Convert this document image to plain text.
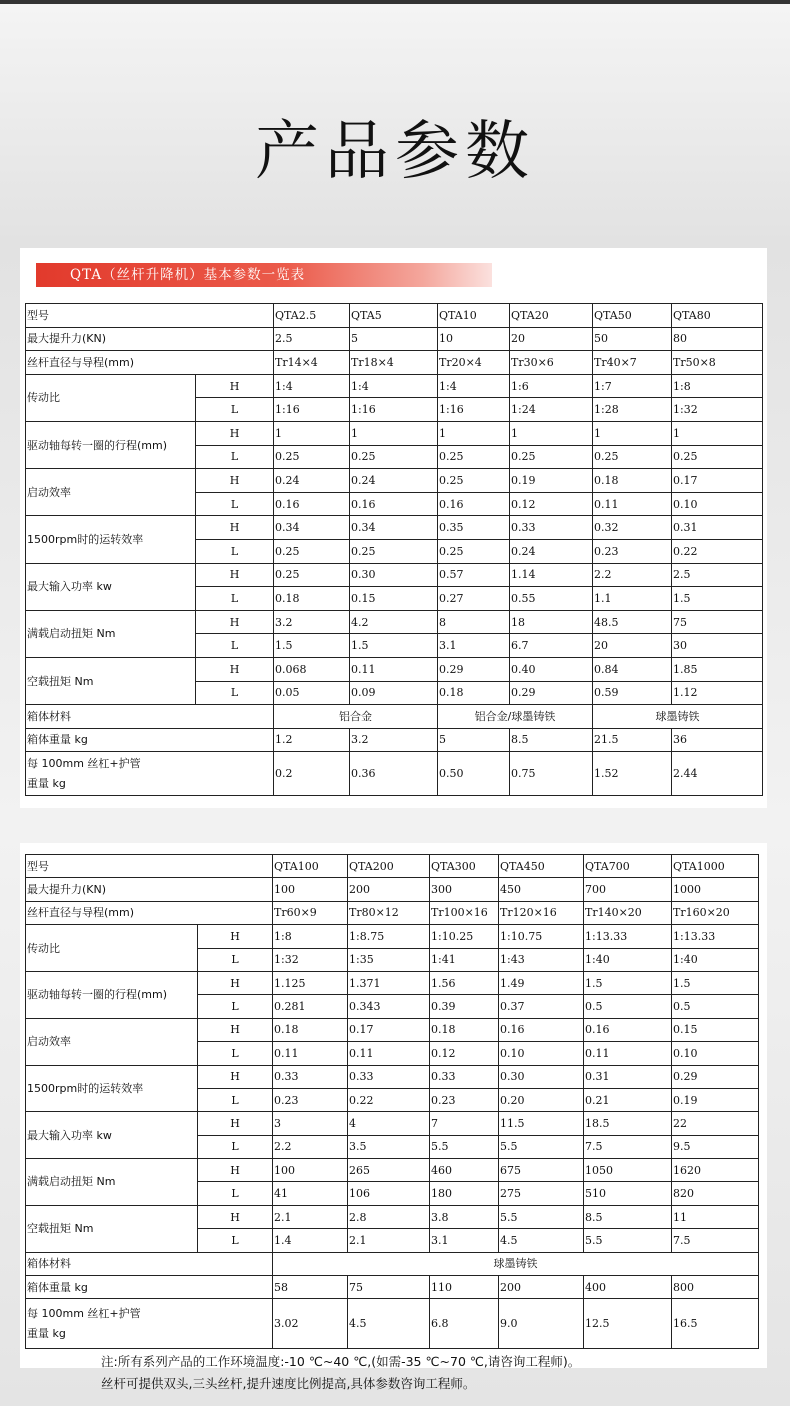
产品参数
QTA（丝杆升降机）基本参数一览表
型号		QTA2.5	QTA5	QTA10	QTA20	QTA50	QTA80
最大提升力(KN)		2.5	5	10	20	50	80
丝杆直径与导程(mm)		Tr14×4	Tr18×4	Tr20×4	Tr30×6	Tr40×7	Tr50×8
传动比	H	1:4	1:4	1:4	1:6	1:7	1:8
	L	1:16	1:16	1:16	1:24	1:28	1:32
驱动轴每转一圈的行程(mm)	H	1	1	1	1	1	1
	L	0.25	0.25	0.25	0.25	0.25	0.25
启动效率	H	0.24	0.24	0.25	0.19	0.18	0.17
	L	0.16	0.16	0.16	0.12	0.11	0.10
1500rpm时的运转效率	H	0.34	0.34	0.35	0.33	0.32	0.31
	L	0.25	0.25	0.25	0.24	0.23	0.22
最大输入功率 kw	H	0.25	0.30	0.57	1.14	2.2	2.5
	L	0.18	0.15	0.27	0.55	1.1	1.5
满载启动扭矩 Nm	H	3.2	4.2	8	18	48.5	75
	L	1.5	1.5	3.1	6.7	20	30
空载扭矩 Nm	H	0.068	0.11	0.29	0.40	0.84	1.85
	L	0.05	0.09	0.18	0.29	0.59	1.12
箱体材料		铝合金		铝合金/球墨铸铁		球墨铸铁	
箱体重量 kg		1.2	3.2	5	8.5	21.5	36

每 100mm 丝杠+护管
重量 kg		0.2	0.36	0.50	0.75	1.52	2.44
型号		QTA100	QTA200	QTA300	QTA450	QTA700	QTA1000
最大提升力(KN)		100	200	300	450	700	1000
丝杆直径与导程(mm)		Tr60×9	Tr80×12	Tr100×16	Tr120×16	Tr140×20	Tr160×20
传动比	H	1:8	1:8.75	1:10.25	1:10.75	1:13.33	1:13.33
	L	1:32	1:35	1:41	1:43	1:40	1:40
驱动轴每转一圈的行程(mm)	H	1.125	1.371	1.56	1.49	1.5	1.5
	L	0.281	0.343	0.39	0.37	0.5	0.5
启动效率	H	0.18	0.17	0.18	0.16	0.16	0.15
	L	0.11	0.11	0.12	0.10	0.11	0.10
1500rpm时的运转效率	H	0.33	0.33	0.33	0.30	0.31	0.29
	L	0.23	0.22	0.23	0.20	0.21	0.19
最大输入功率 kw	H	3	4	7	11.5	18.5	22
	L	2.2	3.5	5.5	5.5	7.5	9.5
满载启动扭矩 Nm	H	100	265	460	675	1050	1620
	L	41	106	180	275	510	820
空载扭矩 Nm	H	2.1	2.8	3.8	5.5	8.5	11
	L	1.4	2.1	3.1	4.5	5.5	7.5
箱体材料		球墨铸铁					
箱体重量 kg		58	75	110	200	400	800

每 100mm 丝杠+护管
重量 kg		3.02	4.5	6.8	9.0	12.5	16.5
注:所有系列产品的工作环境温度:-10 ℃~40 ℃,(如需-35 ℃~70 ℃,请咨询工程师)。
丝杆可提供双头,三头丝杆,提升速度比例提高,具体参数咨询工程师。
